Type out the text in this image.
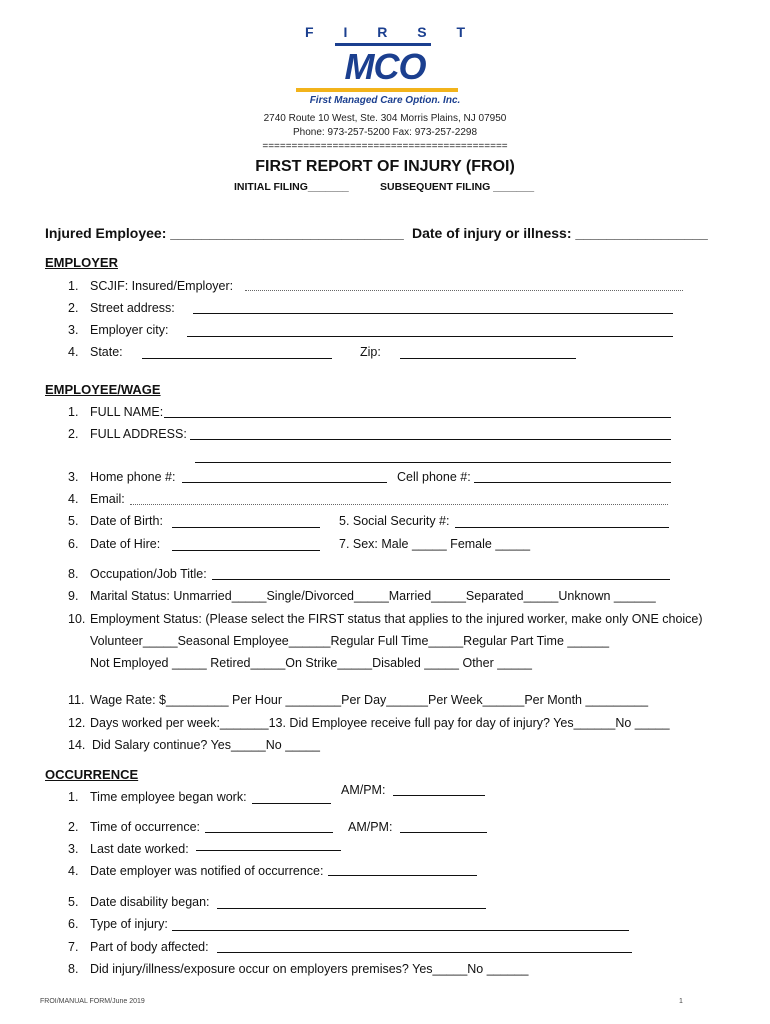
F I R S T
MCO
First Managed Care Option. Inc.
2740 Route 10 West, Ste. 304 Morris Plains, NJ 07950
Phone: 973-257-5200 Fax: 973-257-2298
==========================================
FIRST REPORT OF INJURY (FROI)
INITIAL FILING_______	SUBSEQUENT FILING _______
Injured Employee: ______________________________ Date of injury or illness: _________________
EMPLOYER
1. SCJIF: Insured/Employer:
2. Street address:
3. Employer city:
4. State:	Zip:
EMPLOYEE/WAGE
1. FULL NAME:
2. FULL ADDRESS:
3. Home phone #:	Cell phone #:
4. Email:
5. Date of Birth:	5. Social Security #:
6. Date of Hire:	7. Sex: Male _____ Female _____
8. Occupation/Job Title:
9. Marital Status: Unmarried_____Single/Divorced_____Married_____Separated_____Unknown ______
10. Employment Status: (Please select the FIRST status that applies to the injured worker, make only ONE choice)
Volunteer_____Seasonal Employee______Regular Full Time_____Regular Part Time ______
Not Employed _____ Retired_____On Strike_____Disabled _____ Other _____
11. Wage Rate: $_________ Per Hour ________Per Day______Per Week______Per Month _________
12. Days worked per week:_______13. Did Employee receive full pay for day of injury? Yes______No _____
14. Did Salary continue? Yes_____No _____
OCCURRENCE
1. Time employee began work:	AM/PM:
2. Time of occurrence:	AM/PM:
3. Last date worked:
4. Date employer was notified of occurrence:
5. Date disability began:
6. Type of injury:
7. Part of body affected:
8. Did injury/illness/exposure occur on employers premises? Yes_____No ______
FROI/MANUAL FORM/June 2019	1
